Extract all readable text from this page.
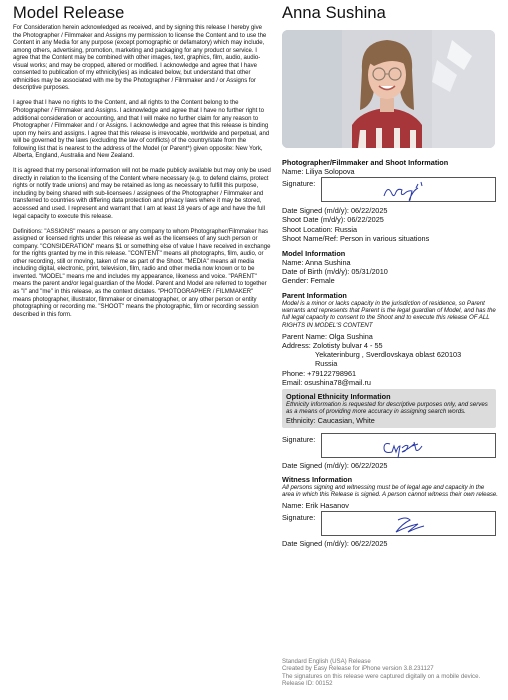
Model Release

For Consideration herein acknowledged as received, and by signing this release I hereby give the Photographer / Filmmaker and Assigns my permission to license the Content and to use the Content in any Media for any purpose (except pornographic or defamatory) which may include, among others, advertising, promotion, marketing and packaging for any product or service. I agree that the Content may be combined with other images, text, graphics, film, audio, audio-visual works; and may be cropped, altered or modified. I acknowledge and agree that I have consented to publication of my ethnicity(ies) as indicated below, but understand that other ethnicities may be associated with me by the Photographer / Filmmaker and / or Assigns for descriptive purposes.

I agree that I have no rights to the Content, and all rights to the Content belong to the Photographer / Filmmaker and Assigns. I acknowledge and agree that I have no further right to additional consideration or accounting, and that I will make no further claim for any reason to Photographer / Filmmaker and / or Assigns. I acknowledge and agree that this release is binding upon my heirs and assigns. I agree that this release is irrevocable, worldwide and perpetual, and will be governed by the laws (excluding the law of conflicts) of the country/state from the following list that is nearest to the address of the Model (or Parent*) given opposite: New York, Alberta, England, Australia and New Zealand.

It is agreed that my personal information will not be made publicly available but may only be used directly in relation to the licensing of the Content where necessary (e.g. to defend claims, protect rights or notify trade unions) and may be retained as long as necessary to fulfill this purpose, including by being shared with sub-licensees / assignees of the Photographer / Filmmaker and transferred to countries with differing data protection and privacy laws where it may be stored, accessed and used. I represent and warrant that I am at least 18 years of age and have the full legal capacity to execute this release.

Definitions: "ASSIGNS" means a person or any company to whom Photographer/Filmmaker has assigned or licensed rights under this release as well as the licensees of any such person or company. "CONSIDERATION" means $1 or something else of value I have received in exchange for the rights granted by me in this release. "CONTENT" means all photographs, film, audio, or other recording, still or moving, taken of me as part of the Shoot. "MEDIA" means all media including digital, electronic, print, television, film, radio and other media now known or to be invented. "MODEL" means me and includes my appearance, likeness and voice. "PARENT" means the parent and/or legal guardian of the Model. Parent and Model are referred to together as "I" and "me" in this release, as the context dictates. "PHOTOGRAPHER / FILMMAKER" means photographer, illustrator, filmmaker or cinematographer, or any other person or entity photographing or recording me. "SHOOT" means the photographic, film or recording session described in this form.

Anna Sushina

Photographer/Filmmaker and Shoot Information

Name: Liliya Solopova

Signature:

Date Signed (m/d/y): 06/22/2025

Shoot Date (m/d/y): 06/22/2025

Shoot Location: Russia

Shoot Name/Ref: Person in various situations

Model Information

Name: Anna Sushina

Date of Birth (m/d/y): 05/31/2010

Gender: Female

Parent Information

Model is a minor or lacks capacity in the jurisdiction of residence, so Parent warrants and represents that Parent is the legal guardian of Model, and has the full legal capacity to consent to the Shoot and to execute this release OF ALL RIGHTS IN MODEL'S CONTENT

Parent Name: Olga Sushina

Address: Zolotisty bulvar 4 - 55

Yekaterinburg , Sverdlovskaya oblast 620103

Russia

Phone: +79122798961

Email: osushina78@mail.ru

Optional Ethnicity Information

Ethnicity information is requested for descriptive purposes only, and serves as a means of providing more accuracy in assigning search words.

Ethnicity: Caucasian, White

Signature:

Date Signed (m/d/y): 06/22/2025

Witness Information

All persons signing and witnessing must be of legal age and capacity in the area in which this Release is signed. A person cannot witness their own release.

Name: Erik Hasanov

Signature:

Date Signed (m/d/y): 06/22/2025

Standard English (USA) Release
Created by Easy Release for iPhone version 3.8.231127
The signatures on this release were captured digitally on a mobile device.
Release ID: 00152
